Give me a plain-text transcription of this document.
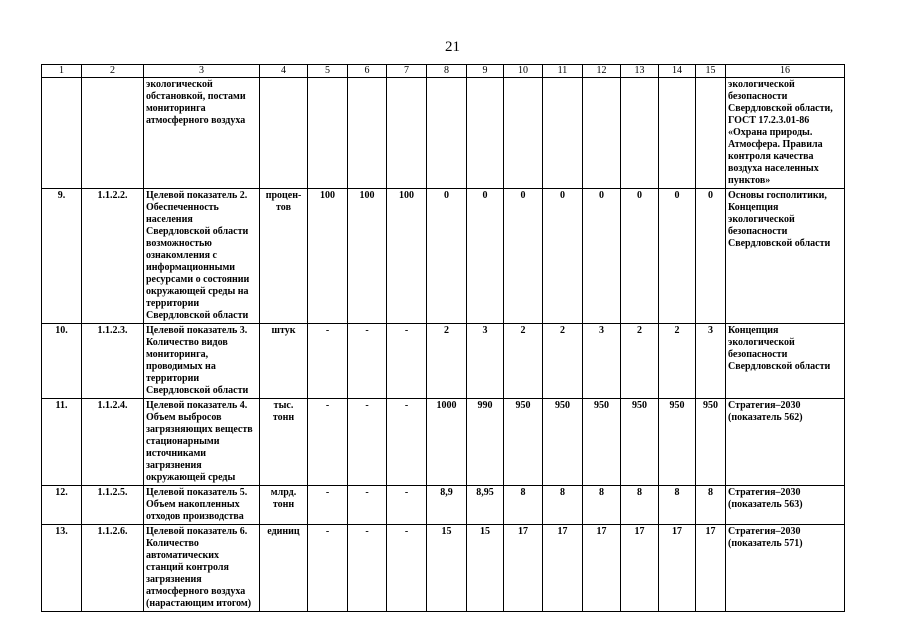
21
1	2	3	4	5	6	7	8	9	10	11	12	13	14	15	16
		экологической обстановкой, постами мониторинга атмосферного воздуха													экологической безопасности Свердловской области, ГОСТ 17.2.3.01-86 «Охрана природы. Атмосфера. Правила контроля качества воздуха населенных пунктов»
9.	1.1.2.2.	Целевой показатель 2. Обеспеченность населения Свердловской области возможностью ознакомления с информационными ресурсами о состоянии окружающей среды на территории Свердловской области	процен-тов	100	100	100	0	0	0	0	0	0	0	0	Основы госполитики, Концепция экологической безопасности Свердловской области
10.	1.1.2.3.	Целевой показатель 3. Количество видов мониторинга, проводимых на территории Свердловской области	штук	-	-	-	2	3	2	2	3	2	2	3	Концепция экологической безопасности Свердловской области
11.	1.1.2.4.	Целевой показатель 4. Объем выбросов загрязняющих веществ стационарными источниками загрязнения окружающей среды	тыс. тонн	-	-	-	1000	990	950	950	950	950	950	950	Стратегия–2030 (показатель 562)
12.	1.1.2.5.	Целевой показатель 5. Объем накопленных отходов производства	млрд. тонн	-	-	-	8,9	8,95	8	8	8	8	8	8	Стратегия–2030 (показатель 563)
13.	1.1.2.6.	Целевой показатель 6. Количество автоматических станций контроля загрязнения атмосферного воздуха (нарастающим итогом)	единиц	-	-	-	15	15	17	17	17	17	17	17	Стратегия–2030 (показатель 571)
